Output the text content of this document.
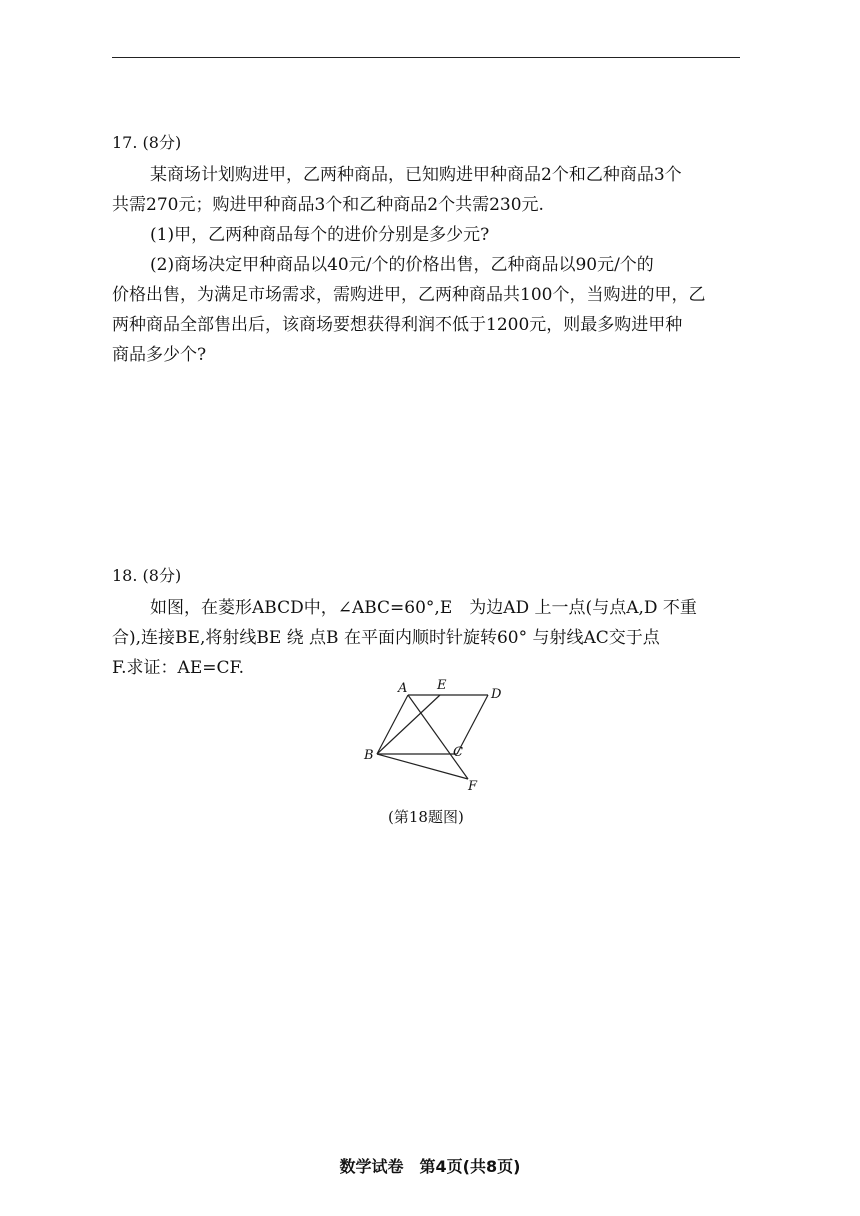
17. (8分)
某商场计划购进甲，乙两种商品，已知购进甲种商品2个和乙种商品3个
共需270元；购进甲种商品3个和乙种商品2个共需230元.
(1)甲，乙两种商品每个的进价分别是多少元?
(2)商场决定甲种商品以40元/个的价格出售，乙种商品以90元/个的
价格出售，为满足市场需求，需购进甲，乙两种商品共100个，当购进的甲，乙
两种商品全部售出后，该商场要想获得利润不低于1200元，则最多购进甲种
商品多少个?
18. (8分)
如图，在菱形ABCD中，∠ABC=60°,E　为边AD 上一点(与点A,D 不重
合),连接BE,将射线BE 绕 点B 在平面内顺时针旋转60° 与射线AC交于点
F.求证：AE=CF.
A E
D
B	C
F
(第18题图)
数学试卷　第4页(共8页)
